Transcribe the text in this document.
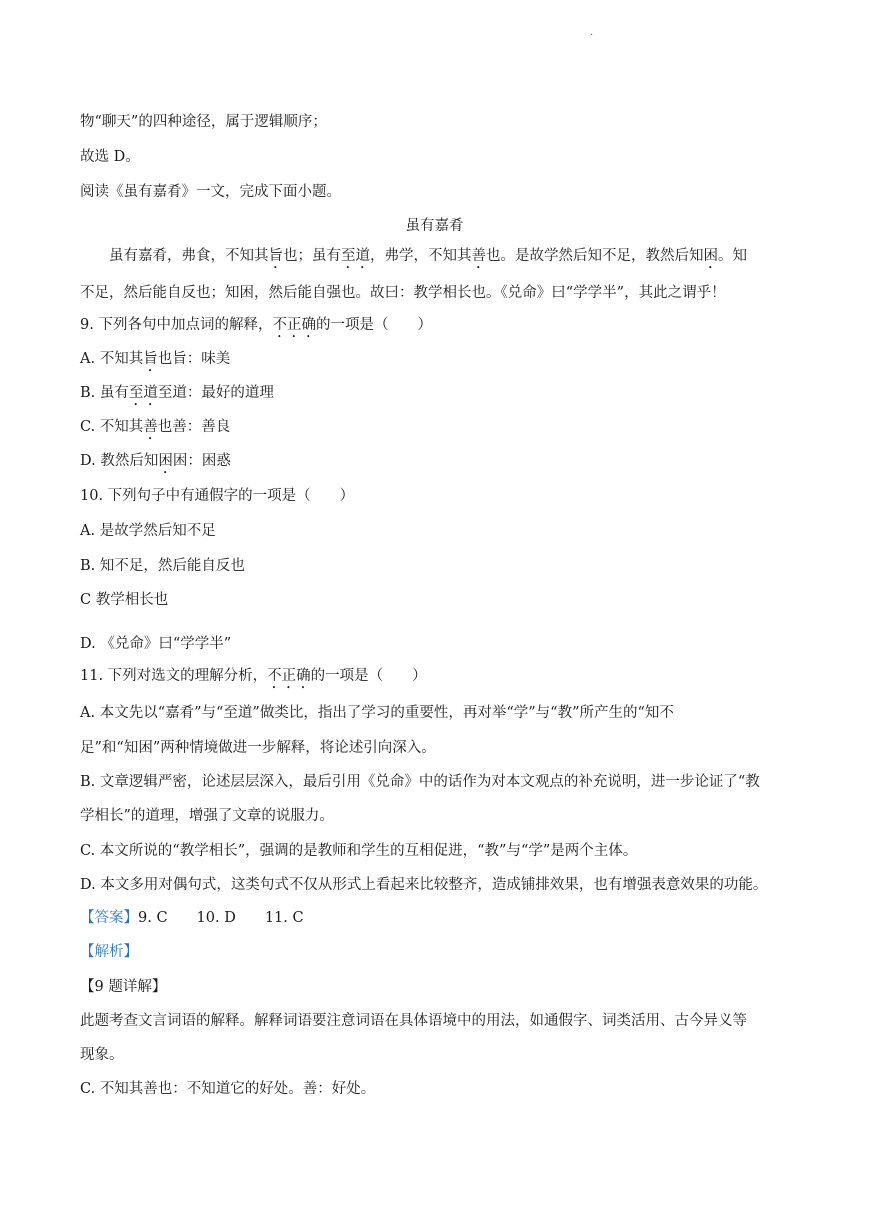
·
物“聊天”的四种途径，属于逻辑顺序；
故选 D。
阅读《虽有嘉肴》一文，完成下面小题。
虽有嘉肴
虽有嘉肴，弗食，不知其旨也；虽有至道，弗学，不知其善也。是故学然后知不足，教然后知困。知
不足，然后能自反也；知困，然后能自强也。故曰：教学相长也。《兑命》曰“学学半”，其此之谓乎！
9. 下列各句中加点词的解释，不正确的一项是（　　）
A. 不知其旨也旨：味美
B. 虽有至道至道：最好的道理
C. 不知其善也善：善良
D. 教然后知困困：困惑
10. 下列句子中有通假字的一项是（　　）
A. 是故学然后知不足
B. 知不足，然后能自反也
C 教学相长也
D. 《兑命》曰“学学半”
11. 下列对选文的理解分析，不正确的一项是（　　）
A. 本文先以“嘉肴”与“至道”做类比，指出了学习的重要性，再对举“学”与“教”所产生的“知不
足”和“知困”两种情境做进一步解释，将论述引向深入。
B. 文章逻辑严密，论述层层深入，最后引用《兑命》中的话作为对本文观点的补充说明，进一步论证了“教
学相长”的道理，增强了文章的说服力。
C. 本文所说的“教学相长”，强调的是教师和学生的互相促进，“教”与“学”是两个主体。
D. 本文多用对偶句式，这类句式不仅从形式上看起来比较整齐，造成铺排效果，也有增强表意效果的功能。
【答案】9. C　　10. D　　11. C
【解析】
【9 题详解】
此题考查文言词语的解释。解释词语要注意词语在具体语境中的用法，如通假字、词类活用、古今异义等
现象。
C. 不知其善也：不知道它的好处。善：好处。
